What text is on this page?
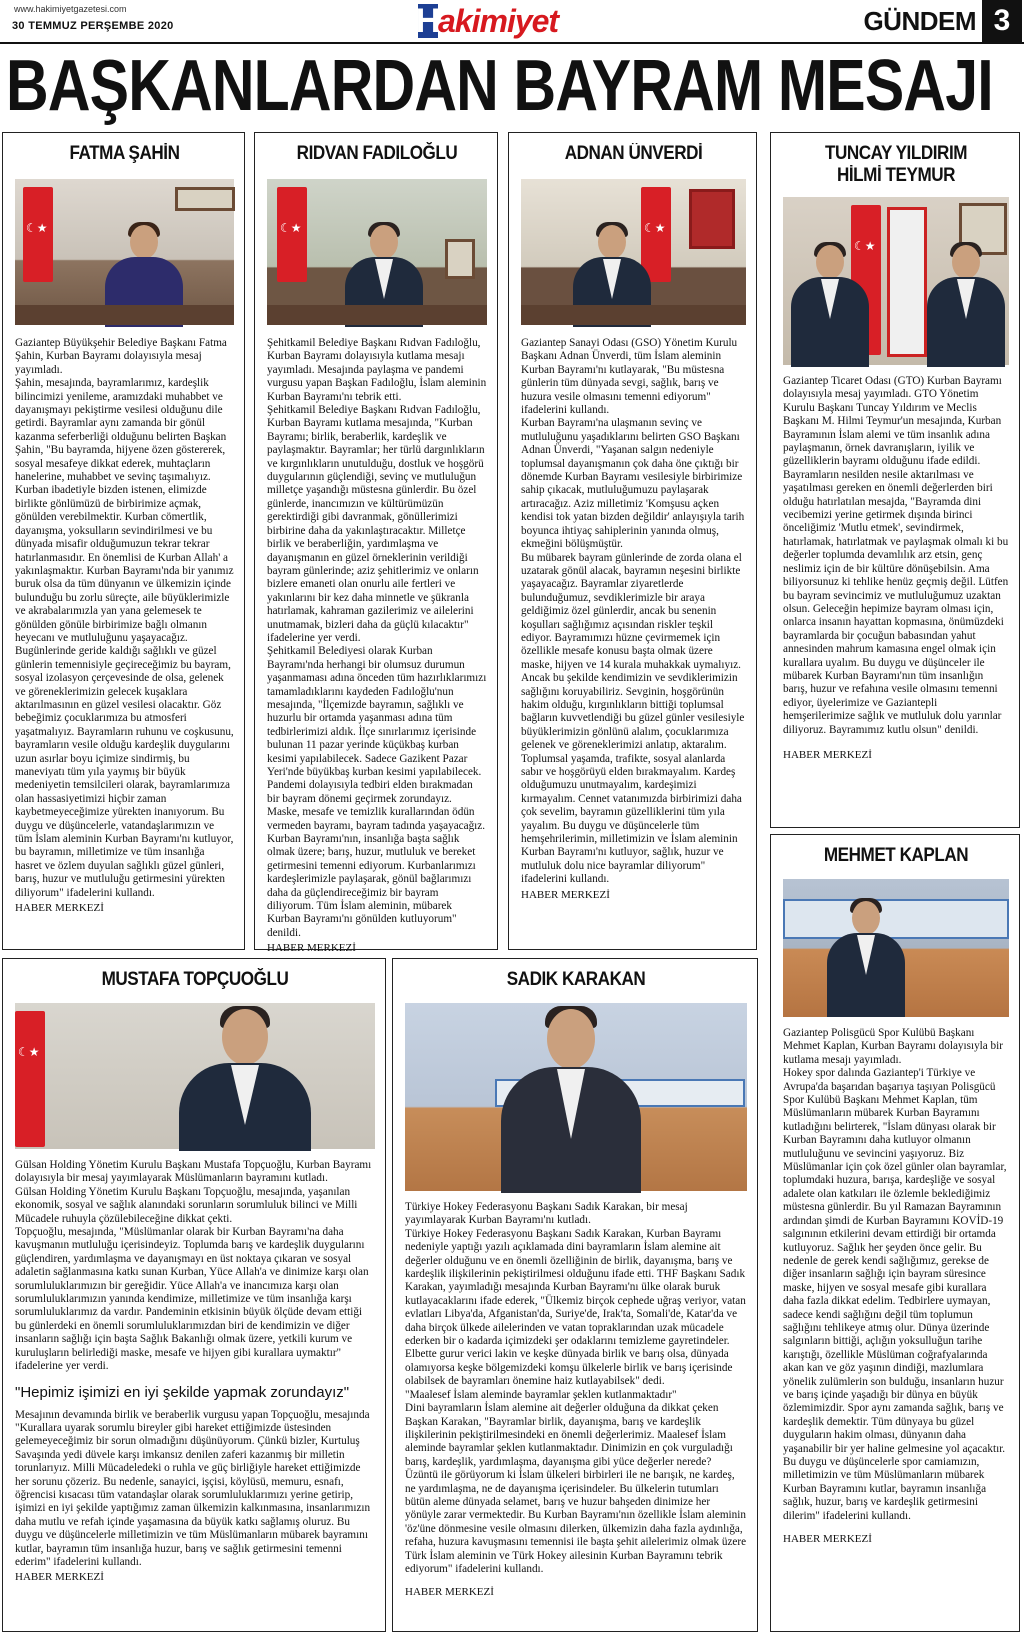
www.hakimiyetgazetesi.com
30 TEMMUZ PERŞEMBE 2020	H
akimiyet	GÜNDEM 3
BAŞKANLARDAN BAYRAM MESAJI
FATMA ŞAHİN
☾★

Gaziantep Büyükşehir Belediye Başkanı Fatma Şahin, Kurban Bayramı dolayısıyla mesaj yayımladı.
Şahin, mesajında, bayramlarımız, kardeşlik bilincimizi yenileme, aramızdaki muhabbet ve dayanışmayı pekiştirme vesilesi olduğunu dile getirdi. Bayramlar aynı zamanda bir gönül kazanma seferberliği olduğunu belirten Başkan Şahin, "Bu bayramda, hijyene özen göstererek, sosyal mesafeye dikkat ederek, muhtaçların hanelerine, muhabbet ve sevinç taşımalıyız. Kurban ibadetiyle bizden istenen, elimizde birlikte gönlümüzü de birbirimize açmak, gönülden verebilmektir. Kurban cömertlik, dayanışma, yoksulların sevindirilmesi ve bu dünyada misafir olduğumuzun tekrar tekrar hatırlanmasıdır. En önemlisi de Kurban Allah' a yakınlaşmaktır. Kurban Bayramı'nda bir yanımız buruk olsa da tüm dünyanın ve ülkemizin içinde bulunduğu bu zorlu süreçte, aile büyüklerimizle ve akrabalarımızla yan yana gelemesek te gönülden gönüle birbirimize bağlı olmanın heyecanı ve mutluluğunu yaşayacağız. Bugünlerinde geride kaldığı sağlıklı ve güzel günlerin temennisiyle geçireceğimiz bu bayram, sosyal izolasyon çerçevesinde de olsa, gelenek ve göreneklerimizin gelecek kuşaklara aktarılmasının en güzel vesilesi olacaktır. Göz bebeğimiz çocuklarımıza bu atmosferi yaşatmalıyız. Bayramların ruhunu ve coşkusunu, bayramların vesile olduğu kardeşlik duygularını uzun asırlar boyu içimize sindirmiş, bu maneviyatı tüm yıla yaymış bir büyük medeniyetin temsilcileri olarak, bayramlarımıza olan hassasiyetimizi hiçbir zaman kaybetmeyeceğimize yürekten inanıyorum. Bu duygu ve düşüncelerle, vatandaşlarımızın ve tüm İslam aleminin Kurban Bayramı'nı kutluyor, bu bayramın, milletimize ve tüm insanlığa hasret ve özlem duyulan sağlıklı güzel günleri, barış, huzur ve mutluluğu getirmesini yürekten diliyorum" ifadelerini kullandı.

HABER MERKEZİ
RIDVAN FADILOĞLU
☾★

Şehitkamil Belediye Başkanı Rıdvan Fadıloğlu, Kurban Bayramı dolayısıyla kutlama mesajı yayımladı. Mesajında paylaşma ve pandemi vurgusu yapan Başkan Fadıloğlu, İslam aleminin Kurban Bayramı'nı tebrik etti.
Şehitkamil Belediye Başkanı Rıdvan Fadıloğlu, Kurban Bayramı kutlama mesajında, "Kurban Bayramı; birlik, beraberlik, kardeşlik ve paylaşmaktır. Bayramlar; her türlü dargınlıkların ve kırgınlıkların unutulduğu, dostluk ve hoşgörü duygularının güçlendiği, sevinç ve mutluluğun milletçe yaşandığı müstesna günlerdir. Bu özel günlerde, inancımızın ve kültürümüzün gerektirdiği gibi davranmak, gönüllerimizi birbirine daha da yakınlaştıracaktır. Milletçe birlik ve beraberliğin, yardımlaşma ve dayanışmanın en güzel örneklerinin verildiği bayram günlerinde; aziz şehitlerimiz ve onların bizlere emaneti olan onurlu aile fertleri ve yakınlarını bir kez daha minnetle ve şükranla hatırlamak, kahraman gazilerimiz ve ailelerini unutmamak, bizleri daha da güçlü kılacaktır" ifadelerine yer verdi.
Şehitkamil Belediyesi olarak Kurban Bayramı'nda herhangi bir olumsuz durumun yaşanmaması adına önceden tüm hazırlıklarımızı tamamladıklarını kaydeden Fadıloğlu'nun mesajında, "İlçemizde bayramın, sağlıklı ve huzurlu bir ortamda yaşanması adına tüm tedbirlerimizi aldık. İlçe sınırlarımız içerisinde bulunan 11 pazar yerinde küçükbaş kurban kesimi yapılabilecek. Sadece Gazikent Pazar Yeri'nde büyükbaş kurban kesimi yapılabilecek. Pandemi dolayısıyla tedbiri elden bırakmadan bir bayram dönemi geçirmek zorundayız. Maske, mesafe ve temizlik kurallarından ödün vermeden bayramı, bayram tadında yaşayacağız. Kurban Bayramı'nın, insanlığa başta sağlık olmak üzere; barış, huzur, mutluluk ve bereket getirmesini temenni ediyorum. Kurbanlarımızı kardeşlerimizle paylaşarak, gönül bağlarımızı daha da güçlendireceğimiz bir bayram diliyorum. Tüm İslam aleminin, mübarek Kurban Bayramı'nı gönülden kutluyorum" denildi.

HABER MERKEZİ
ADNAN ÜNVERDİ
☾★

Gaziantep Sanayi Odası (GSO) Yönetim Kurulu Başkanı Adnan Ünverdi, tüm İslam aleminin Kurban Bayramı'nı kutlayarak, "Bu müstesna günlerin tüm dünyada sevgi, sağlık, barış ve huzura vesile olmasını temenni ediyorum" ifadelerini kullandı.
Kurban Bayramı'na ulaşmanın sevinç ve mutluluğunu yaşadıklarını belirten GSO Başkanı Adnan Ünverdi, "Yaşanan salgın nedeniyle toplumsal dayanışmanın çok daha öne çıktığı bir dönemde Kurban Bayramı vesilesiyle birbirimize sahip çıkacak, mutluluğumuzu paylaşarak artıracağız. Aziz milletimiz 'Komşusu açken kendisi tok yatan bizden değildir' anlayışıyla tarih boyunca ihtiyaç sahiplerinin yanında olmuş, ekmeğini bölüşmüştür.
Bu mübarek bayram günlerinde de zorda olana el uzatarak gönül alacak, bayramın neşesini birlikte yaşayacağız. Bayramlar ziyaretlerde bulunduğumuz, sevdiklerimizle bir araya geldiğimiz özel günlerdir, ancak bu senenin koşulları sağlığımız açısından riskler teşkil ediyor. Bayramımızı hüzne çevirmemek için özellikle mesafe konusu başta olmak üzere maske, hijyen ve 14 kurala muhakkak uymalıyız. Ancak bu şekilde kendimizin ve sevdiklerimizin sağlığını koruyabiliriz. Sevginin, hoşgörünün hakim olduğu, kırgınlıkların bittiği toplumsal bağların kuvvetlendiği bu güzel günler vesilesiyle büyüklerimizin gönlünü alalım, çocuklarımıza gelenek ve göreneklerimizi anlatıp, aktaralım. Toplumsal yaşamda, trafikte, sosyal alanlarda sabır ve hoşgörüyü elden bırakmayalım. Kardeş olduğumuzu unutmayalım, kardeşimizi kırmayalım. Cennet vatanımızda birbirimizi daha çok sevelim, bayramın güzelliklerini tüm yıla yayalım. Bu duygu ve düşüncelerle tüm hemşehrilerimin, milletimizin ve İslam aleminin Kurban Bayramı'nı kutluyor, sağlık, huzur ve mutluluk dolu nice bayramlar diliyorum" ifadelerini kullandı.

HABER MERKEZİ
TUNCAY YILDIRIM
HİLMİ TEYMUR
☾★

Gaziantep Ticaret Odası (GTO) Kurban Bayramı dolayısıyla mesaj yayımladı. GTO Yönetim Kurulu Başkanı Tuncay Yıldırım ve Meclis Başkanı M. Hilmi Teymur'un mesajında, Kurban Bayramının İslam alemi ve tüm insanlık adına paylaşmanın, örnek davranışların, iyilik ve güzelliklerin bayramı olduğunu ifade edildi. Bayramların nesilden nesile aktarılması ve yaşatılması gereken en önemli değerlerden biri olduğu hatırlatılan mesajda, "Bayramda dini vecibemizi yerine getirmek dışında birinci önceliğimiz 'Mutlu etmek', sevindirmek, hatırlamak, hatırlatmak ve paylaşmak olmalı ki bu değerler toplumda devamlılık arz etsin, genç neslimiz için de bir kültüre dönüşebilsin. Ama biliyorsunuz ki tehlike henüz geçmiş değil. Lütfen bu bayram sevincimiz ve mutluluğumuz uzaktan olsun. Geleceğin hepimize bayram olması için, onlarca insanın hayattan kopmasına, önümüzdeki bayramlarda bir çocuğun babasından yahut annesinden mahrum kamasına engel olmak için kurallara uyalım. Bu duygu ve düşünceler ile mübarek Kurban Bayramı'nın tüm insanlığın barış, huzur ve refahına vesile olmasını temenni ediyor, üyelerimize ve Gaziantepli hemşerilerimize sağlık ve mutluluk dolu yarınlar diliyoruz. Bayramımız kutlu olsun" denildi.

HABER MERKEZİ
MEHMET KAPLAN

Gaziantep Polisgücü Spor Kulübü Başkanı Mehmet Kaplan, Kurban Bayramı dolayısıyla bir kutlama mesajı yayımladı.
Hokey spor dalında Gaziantep'i Türkiye ve Avrupa'da başarıdan başarıya taşıyan Polisgücü Spor Kulübü Başkanı Mehmet Kaplan, tüm Müslümanların mübarek Kurban Bayramını kutladığını belirterek, "İslam dünyası olarak bir Kurban Bayramını daha kutluyor olmanın mutluluğunu ve sevincini yaşıyoruz. Biz Müslümanlar için çok özel günler olan bayramlar, toplumdaki huzura, barışa, kardeşliğe ve sosyal adalete olan katkıları ile özlemle beklediğimiz müstesna günlerdir. Bu yıl Ramazan Bayramının ardından şimdi de Kurban Bayramını KOVİD-19 salgınının etkilerini devam ettirdiği bir ortamda kutluyoruz. Sağlık her şeyden önce gelir. Bu nedenle de gerek kendi sağlığımız, gerekse de diğer insanların sağlığı için bayram süresince maske, hijyen ve sosyal mesafe gibi kurallara daha fazla dikkat edelim. Tedbirlere uymayan, sadece kendi sağlığını değil tüm toplumun sağlığını tehlikeye atmış olur. Dünya üzerinde salgınların bittiği, açlığın yoksulluğun tarihe karıştığı, özellikle Müslüman coğrafyalarında akan kan ve göz yaşının dindiği, mazlumlara yönelik zulümlerin son bulduğu, insanların huzur ve barış içinde yaşadığı bir dünya en büyük özlemimizdir. Spor aynı zamanda sağlık, barış ve kardeşlik demektir. Tüm dünyaya bu güzel duyguların hakim olması, dünyanın daha yaşanabilir bir yer haline gelmesine yol açacaktır. Bu duygu ve düşüncelerle spor camiamızın, milletimizin ve tüm Müslümanların mübarek Kurban Bayramını kutlar, bayramın insanlığa sağlık, huzur, barış ve kardeşlik getirmesini dilerim" ifadelerini kullandı.

HABER MERKEZİ
MUSTAFA TOPÇUOĞLU
☾★

Gülsan Holding Yönetim Kurulu Başkanı Mustafa Topçuoğlu, Kurban Bayramı dolayısıyla bir mesaj yayımlayarak Müslümanların bayramını kutladı.
Gülsan Holding Yönetim Kurulu Başkanı Topçuoğlu, mesajında, yaşanılan ekonomik, sosyal ve sağlık alanındaki sorunların sorumluluk bilinci ve Milli Mücadele ruhuyla çözülebileceğine dikkat çekti.
Topçuoğlu, mesajında, "Müslümanlar olarak bir Kurban Bayramı'na daha kavuşmanın mutluluğu içerisindeyiz. Toplumda barış ve kardeşlik duygularını güçlendiren, yardımlaşma ve dayanışmayı en üst noktaya çıkaran ve sosyal adaletin sağlanmasına katkı sunan Kurban, Yüce Allah'a ve dinimize karşı olan sorumluluklarımızın bir gereğidir. Yüce Allah'a ve inancımıza karşı olan sorumluluklarımızın yanında kendimize, milletimize ve tüm insanlığa karşı sorumluluklarımız da vardır. Pandeminin etkisinin büyük ölçüde devam ettiği bu günlerdeki en önemli sorumluluklarımızdan biri de kendimizin ve diğer insanların sağlığı için başta Sağlık Bakanlığı olmak üzere, yetkili kurum ve kuruluşların belirlediği maske, mesafe ve hijyen gibi kurallara uymaktır" ifadelerine yer verdi.

"Hepimiz işimizi en iyi şekilde yapmak zorundayız"

Mesajının devamında birlik ve beraberlik vurgusu yapan Topçuoğlu, mesajında "Kurallara uyarak sorumlu bireyler gibi hareket ettiğimizde üstesinden gelemeyeceğimiz bir sorun olmadığını düşünüyorum. Çünkü bizler, Kurtuluş Savaşında yedi düvele karşı imkansız denilen zaferi kazanmış bir milletin torunlarıyız. Milli Mücadeledeki o ruhla ve güç birliğiyle hareket ettiğimizde her sorunu çözeriz. Bu nedenle, sanayici, işçisi, köylüsü, memuru, esnafı, öğrencisi kısacası tüm vatandaşlar olarak sorumluluklarımızı yerine getirip, işimizi en iyi şekilde yaptığımız zaman ülkemizin kalkınmasına, insanlarımızın daha mutlu ve refah içinde yaşamasına da büyük katkı sağlamış oluruz. Bu duygu ve düşüncelerle milletimizin ve tüm Müslümanların mübarek bayramını kutlar, bayramın tüm insanlığa huzur, barış ve sağlık getirmesini temenni ederim" ifadelerini kullandı.

HABER MERKEZİ
SADIK KARAKAN

Türkiye Hokey Federasyonu Başkanı Sadık Karakan, bir mesaj yayımlayarak Kurban Bayramı'nı kutladı.
Türkiye Hokey Federasyonu Başkanı Sadık Karakan, Kurban Bayramı nedeniyle yaptığı yazılı açıklamada dini bayramların İslam alemine ait değerler olduğunu ve en önemli özelliğinin de birlik, dayanışma, barış ve kardeşlik ilişkilerinin pekiştirilmesi olduğunu ifade etti. THF Başkanı Sadık Karakan, yayımladığı mesajında Kurban Bayramı'nı ülke olarak buruk kutlayacaklarını ifade ederek, "Ülkemiz birçok cephede uğraş veriyor, vatan evlatları Libya'da, Afganistan'da, Suriye'de, Irak'ta, Somali'de, Katar'da ve daha birçok ülkede ailelerinden ve vatan topraklarından uzak mücadele ederken bir o kadarda içimizdeki şer odaklarını temizleme gayretindeler. Elbette gurur verici lakin ve keşke dünyada birlik ve barış olsa, dünyada olamıyorsa keşke bölgemizdeki komşu ülkelerle birlik ve barış içerisinde olabilsek de bayramları önemine haiz kutlayabilsek" dedi.
"Maalesef İslam aleminde bayramlar şeklen kutlanmaktadır"
Dini bayramların İslam alemine ait değerler olduğuna da dikkat çeken Başkan Karakan, "Bayramlar birlik, dayanışma, barış ve kardeşlik ilişkilerinin pekiştirilmesindeki en önemli değerlerimiz. Maalesef İslam aleminde bayramlar şeklen kutlanmaktadır. Dinimizin en çok vurguladığı barış, kardeşlik, yardımlaşma, dayanışma gibi yüce değerler nerede? Üzüntü ile görüyorum ki İslam ülkeleri birbirleri ile ne barışık, ne kardeş, ne yardımlaşma, ne de dayanışma içerisindeler. Bu ülkelerin tutumları bütün aleme dünyada selamet, barış ve huzur bahşeden dinimize her yönüyle zarar vermektedir. Bu Kurban Bayramı'nın özellikle İslam aleminin 'öz'üne dönmesine vesile olmasını dilerken, ülkemizin daha fazla aydınlığa, refaha, huzura kavuşmasını temennisi ile başta şehit ailelerimiz olmak üzere Türk İslam aleminin ve Türk Hokey ailesinin Kurban Bayramını tebrik ediyorum" ifadelerini kullandı.

HABER MERKEZİ
